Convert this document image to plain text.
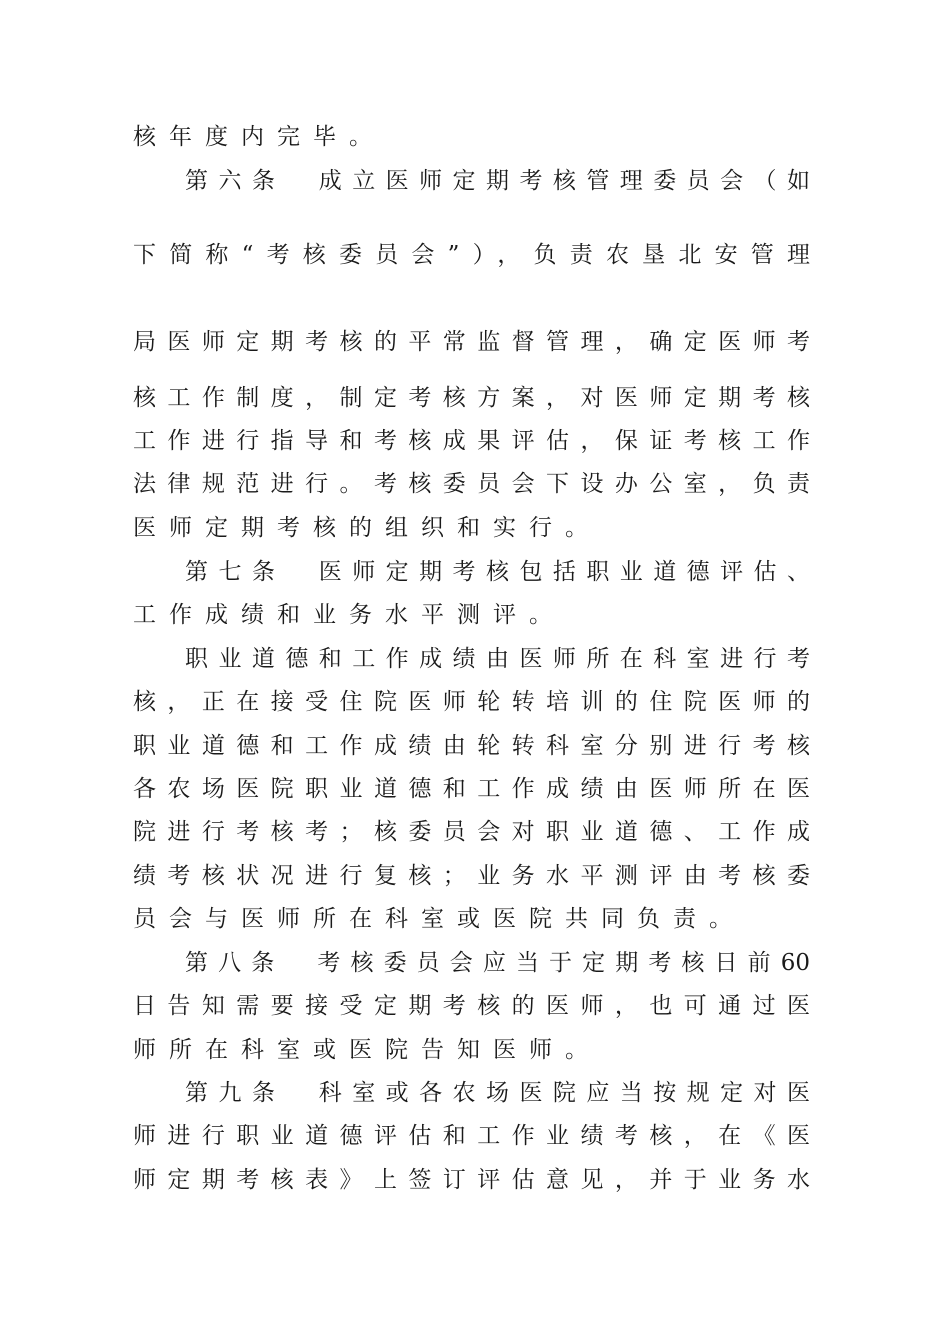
核年度内完毕。
第六条　成立医师定期考核管理委员会（如
下简称“考核委员会”），负责农垦北安管理
局医师定期考核的平常监督管理，确定医师考
核工作制度，制定考核方案，对医师定期考核
工作进行指导和考核成果评估，保证考核工作
法律规范进行。考核委员会下设办公室，负责
医师定期考核的组织和实行。
第七条　医师定期考核包括职业道德评估、
工作成绩和业务水平测评。
职业道德和工作成绩由医师所在科室进行考
核，正在接受住院医师轮转培训的住院医师的
职业道德和工作成绩由轮转科室分别进行考核
各农场医院职业道德和工作成绩由医师所在医
院进行考核考；核委员会对职业道德、工作成
绩考核状况进行复核；业务水平测评由考核委
员会与医师所在科室或医院共同负责。
第八条　考核委员会应当于定期考核日前60
日告知需要接受定期考核的医师，也可通过医
师所在科室或医院告知医师。
第九条　科室或各农场医院应当按规定对医
师进行职业道德评估和工作业绩考核，在《医
师定期考核表》上签订评估意见，并于业务水
